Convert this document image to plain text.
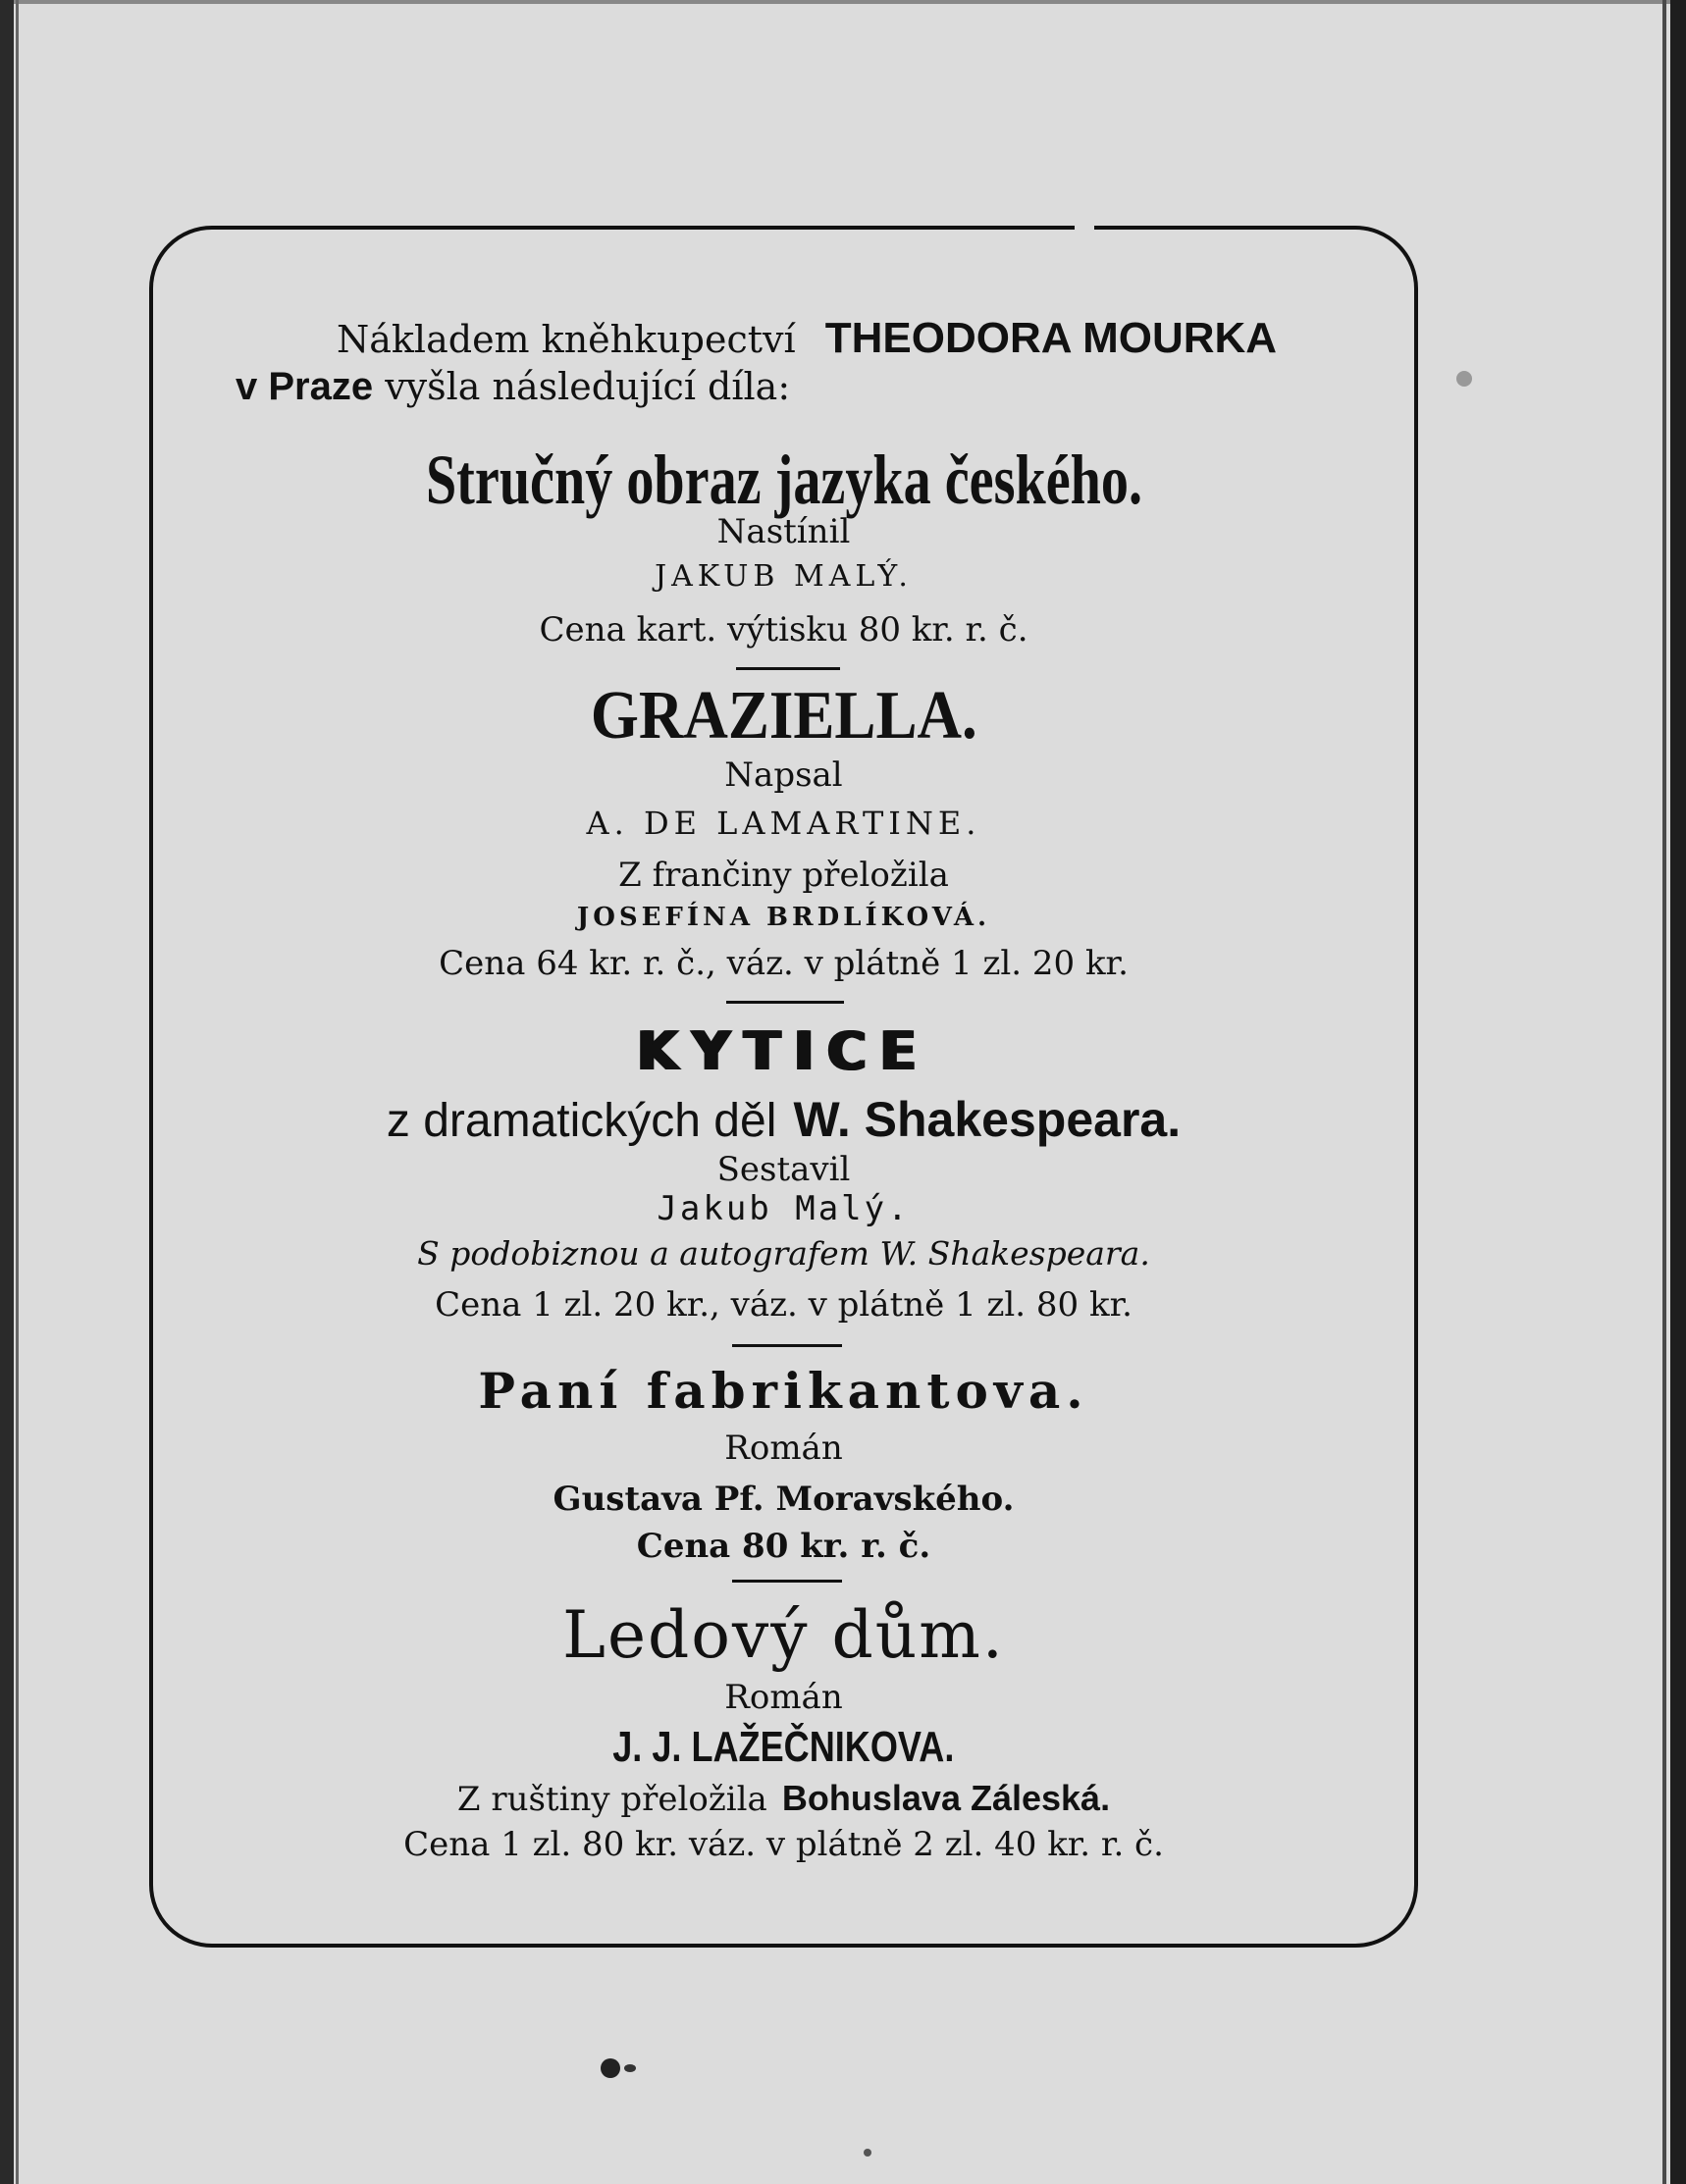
Nákladem kněhkupectví THEODORA MOURKA
v Praze vyšla následující díla:
Stručný obraz jazyka českého.
Nastínil
JAKUB MALÝ.
Cena kart. výtisku 80 kr. r. č.
GRAZIELLA.
Napsal
A. DE LAMARTINE.
Z frančiny přeložila
JOSEFÍNA BRDLÍKOVÁ.
Cena 64 kr. r. č., váz. v plátně 1 zl. 20 kr.
KYTICE
z dramatických děl W. Shakespeara.
Sestavil
Jakub Malý.
S podobiznou a autografem W. Shakespeara.
Cena 1 zl. 20 kr., váz. v plátně 1 zl. 80 kr.
Paní fabrikantova.
Román
Gustava Pf. Moravského.
Cena 80 kr. r. č.
Ledový dům.
Román
J. J. LAŽEČNIKOVA.
Z ruštiny přeložila Bohuslava Záleská.
Cena 1 zl. 80 kr. váz. v plátně 2 zl. 40 kr. r. č.
